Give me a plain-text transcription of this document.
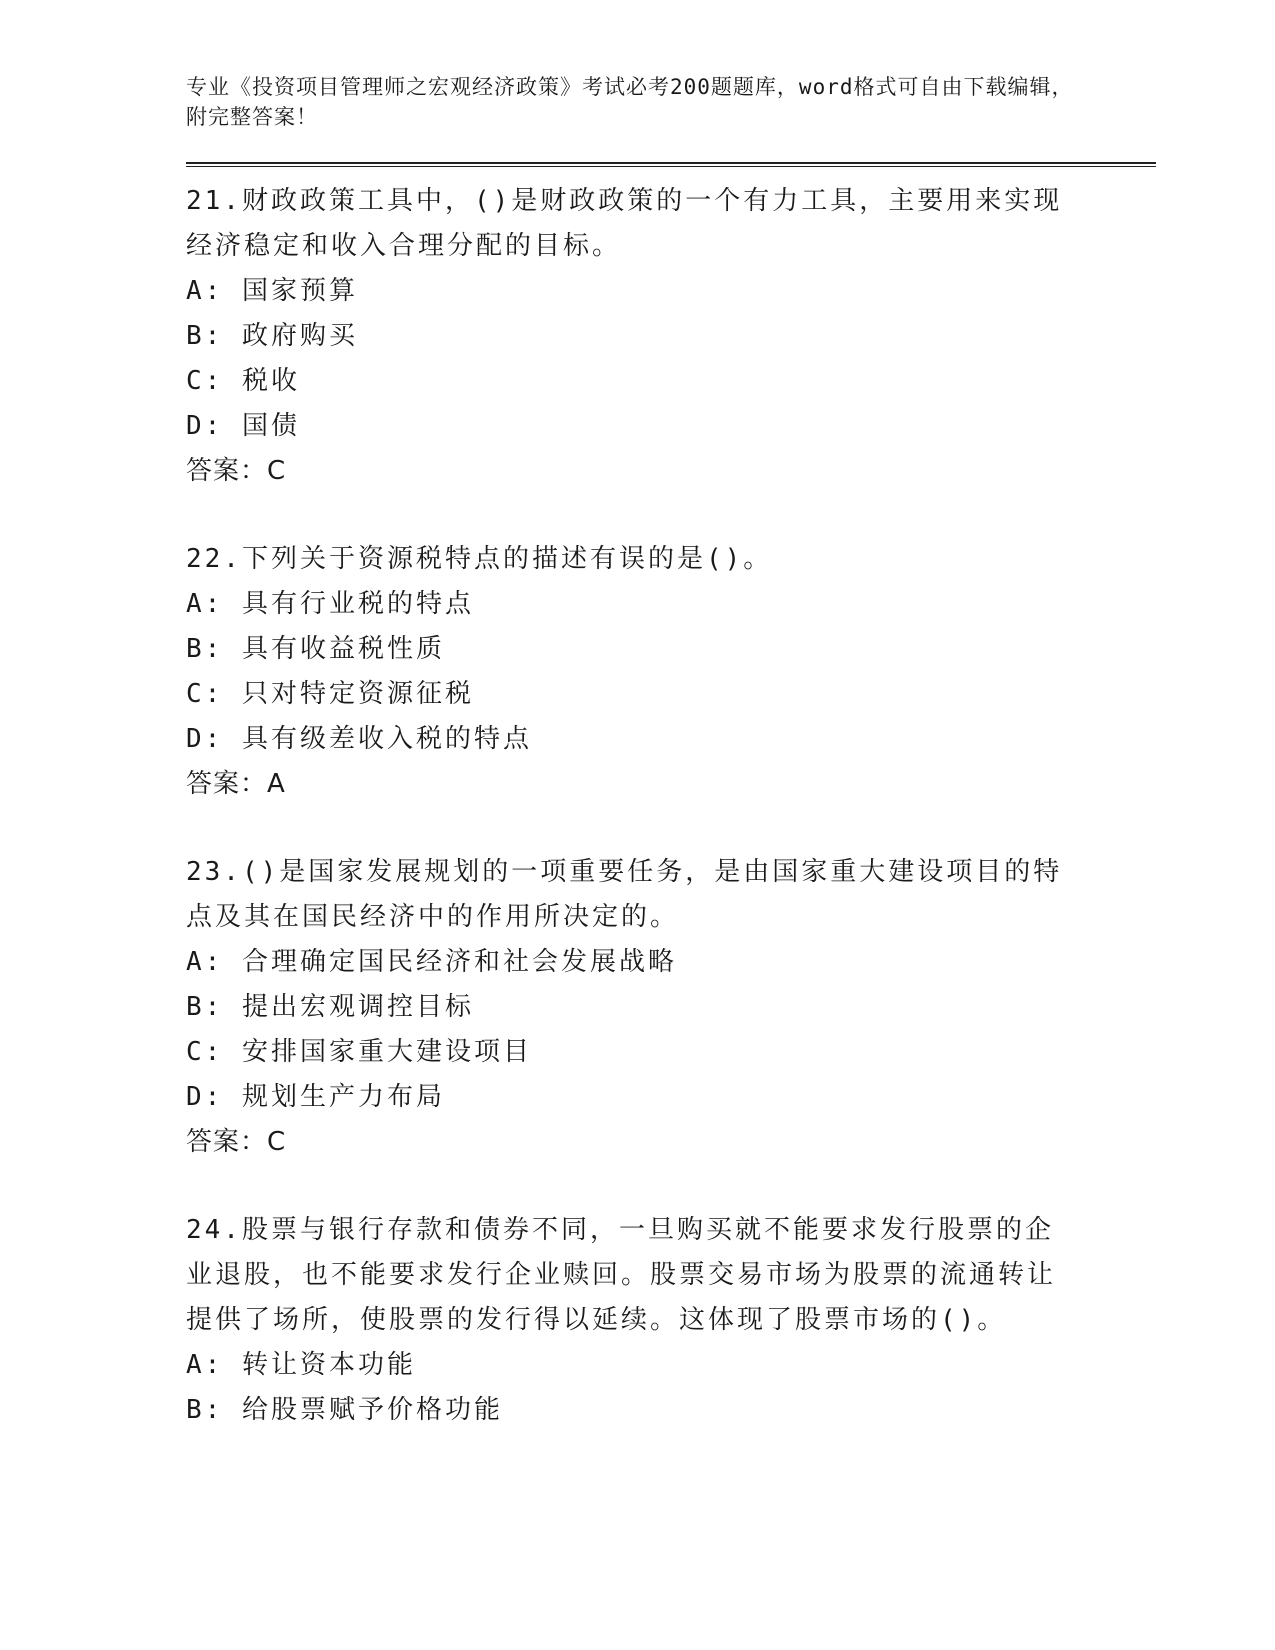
专业《投资项目管理师之宏观经济政策》考试必考200题题库，word格式可自由下载编辑，附完整答案！
21.财政政策工具中，()是财政政策的一个有力工具，主要用来实现经济稳定和收入合理分配的目标。
A: 国家预算
B: 政府购买
C: 税收
D: 国债
答案：C
22.下列关于资源税特点的描述有误的是()。
A: 具有行业税的特点
B: 具有收益税性质
C: 只对特定资源征税
D: 具有级差收入税的特点
答案：A
23.()是国家发展规划的一项重要任务，是由国家重大建设项目的特点及其在国民经济中的作用所决定的。
A: 合理确定国民经济和社会发展战略
B: 提出宏观调控目标
C: 安排国家重大建设项目
D: 规划生产力布局
答案：C
24.股票与银行存款和债券不同，一旦购买就不能要求发行股票的企业退股，也不能要求发行企业赎回。股票交易市场为股票的流通转让提供了场所，使股票的发行得以延续。这体现了股票市场的()。
A: 转让资本功能
B: 给股票赋予价格功能
